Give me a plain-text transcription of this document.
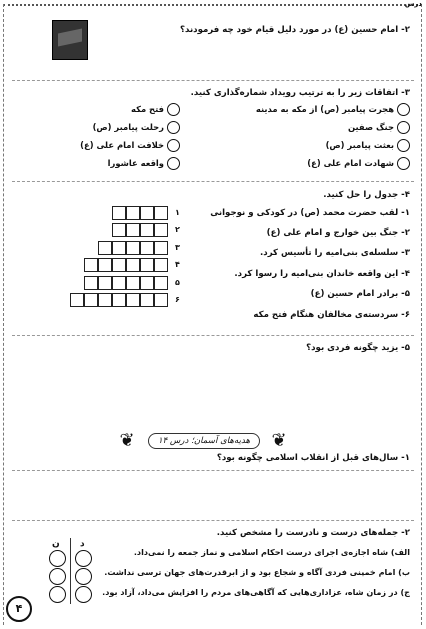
درس
۲- امام حسین (ع) در مورد دلیل قیام خود چه فرمودند؟
۳- اتفاقات زیر را به ترتیب رویداد شماره‌گذاری کنید.
هجرت پیامبر (ص) از مکه به مدینه
جنگ صفین
بعثت پیامبر (ص)
شهادت امام علی (ع)
فتح مکه
رحلت پیامبر (ص)
خلافت امام علی (ع)
واقعه عاشورا
۴- جدول را حل کنید.
۱- لقب حضرت محمد (ص) در کودکی و نوجوانی
۲- جنگ بین خوارج و امام علی (ع)
۳- سلسله‌ی بنی‌امیه را تأسیس کرد.
۴- این واقعه خاندان بنی‌امیه را رسوا کرد.
۵- برادر امام حسین (ع)
۶- سردسته‌ی مخالفان هنگام فتح مکه
۵- یزید چگونه فردی بود؟
❦	هدیه‌های آسمان؛ درس ۱۴	❦
۱- سال‌های قبل از انقلاب اسلامی چگونه بود؟
۲- جمله‌های درست و نادرست را مشخص کنید.
الف) شاه اجازه‌ی اجرای درست احکام اسلامی و نماز جمعه را نمی‌داد.
ب) امام خمینی فردی آگاه و شجاع بود و از ابرقدرت‌های جهان ترسی نداشت.
ج) در زمان شاه، عزاداری‌هایی که آگاهی‌های مردم را افزایش می‌داد، آزاد بود.
د
ن
۴
۱
۲
۳
۴
۵
۶
